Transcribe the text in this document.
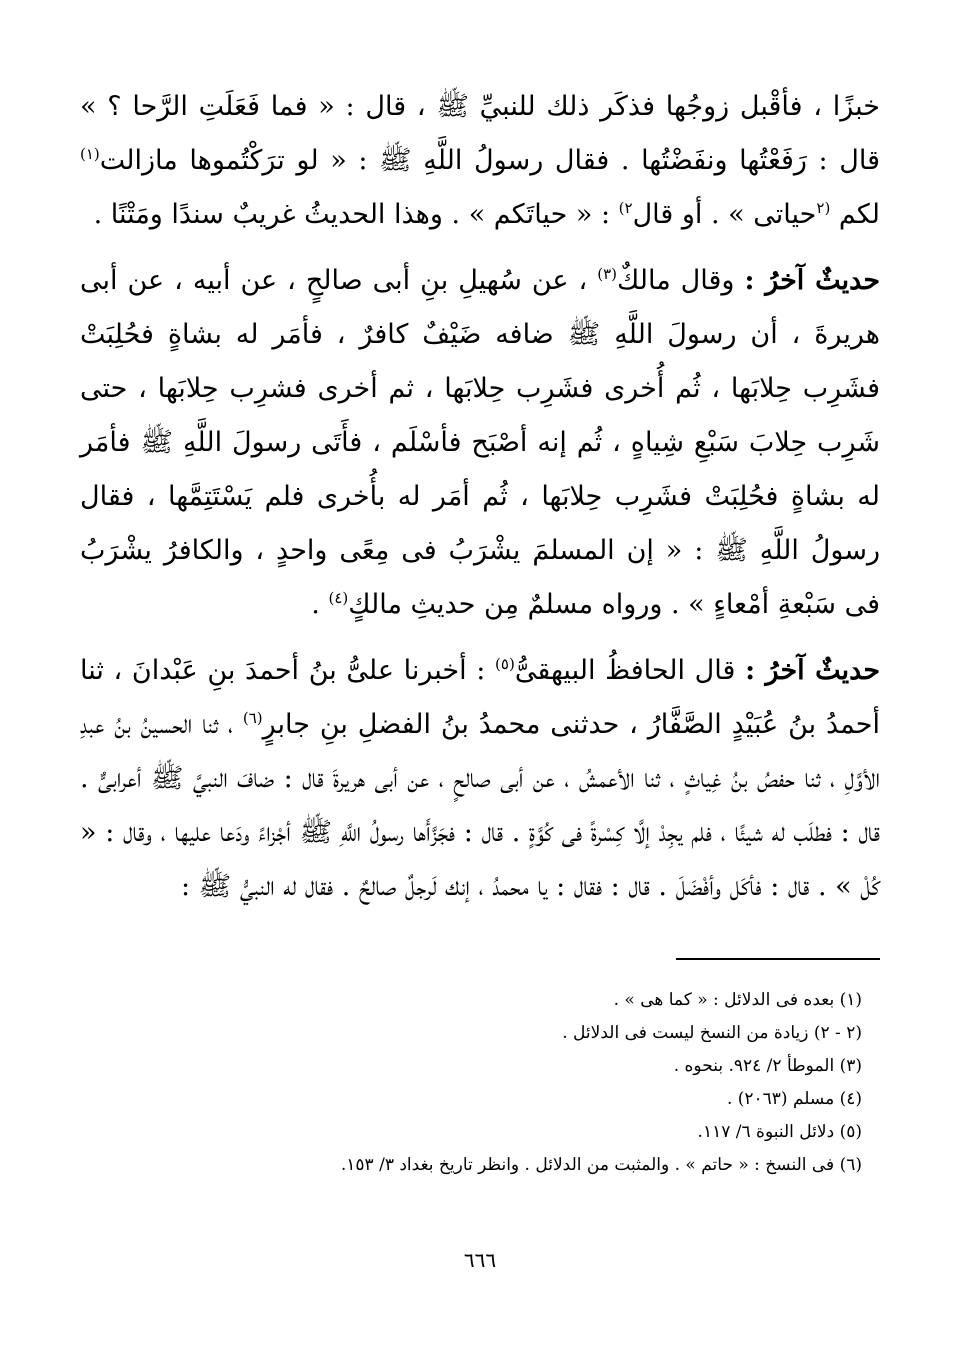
خبزًا ، فأقْبل زوجُها فذكَر ذلك للنبيِّ ﷺ ، قال : « فما فَعَلَتِ الرَّحا ؟ » قال : رَفَعْتُها ونفَضْتُها . فقال رسولُ اللَّهِ ﷺ : « لو ترَكْتُموها مازالت$^{(١)}$ لكم $^{(٢}$حياتى » . أو قال$^{٢)}$ : « حياتَكم » . وهذا الحديثُ غريبٌ سندًا ومَتْنًا .

حديثٌ آخرُ : وقال مالكٌ$^{(٣)}$ ، عن سُهيلِ بنِ أبى صالحٍ ، عن أبيه ، عن أبى هريرةَ ، أن رسولَ اللَّهِ ﷺ ضافه ضَيْفٌ كافرٌ ، فأمَر له بشاةٍ فحُلِبَتْ فشَرِب حِلابَها ، ثُم أُخرى فشَرِب حِلابَها ، ثم أخرى فشرِب حِلابَها ، حتى شَرِب حِلابَ سَبْعِ شِياهٍ ، ثُم إنه أصْبَح فأسْلَم ، فأَتَى رسولَ اللَّهِ ﷺ فأمَر له بشاةٍ فحُلِبَتْ فشَرِب حِلابَها ، ثُم أمَر له بأُخرى فلم يَسْتَتِمَّها ، فقال رسولُ اللَّهِ ﷺ : « إن المسلمَ يشْرَبُ فى مِعًى واحدٍ ، والكافرُ يشْرَبُ فى سَبْعةِ أمْعاءٍ » . ورواه مسلمٌ مِن حديثِ مالكٍ$^{(٤)}$ .

حديثٌ آخرُ : قال الحافظُ البيهقىُّ$^{(٥)}$ : أخبرنا علىُّ بنُ أحمدَ بنِ عَبْدانَ ، ثنا أحمدُ بنُ عُبَيْدٍ الصَّفَّارُ ، حدثنى محمدُ بنُ الفضلِ بنِ جابرٍ$^{(٦)}$ ، ثنا الحسينُ بنُ عبدِ الأوَّلِ ، ثنا حفصُ بنُ غِياثٍ ، ثنا الأعمشُ ، عن أبى صالحٍ ، عن أبى هريرةَ قال : ضافَ النبيَّ ﷺ أعرابىٌّ . قال : فطلَب له شيئًا ، فلم يجِدْ إلَّا كِسْرةً فى كُوَّةٍ . قال : فجَزَّأَها رسولُ اللَّهِ ﷺ أجْزاءً ودَعا عليها ، وقال : « كُلْ » . قال : فأكَل وأفْضَلَ . قال : فقال : يا محمدُ ، إنك لَرجلٌ صالحٌ . فقال له النبيُّ ﷺ :

(١) بعده فى الدلائل : « كما هى » .
(٢ - ٢) زيادة من النسخ ليست فى الدلائل .
(٣) الموطأ ٢/ ٩٢٤. بنحوه .
(٤) مسلم (٢٠٦٣) .
(٥) دلائل النبوة ٦/ ١١٧.
(٦) فى النسخ : « حاتم » . والمثبت من الدلائل . وانظر تاريخ بغداد ٣/ ١٥٣.
٦٦٦
